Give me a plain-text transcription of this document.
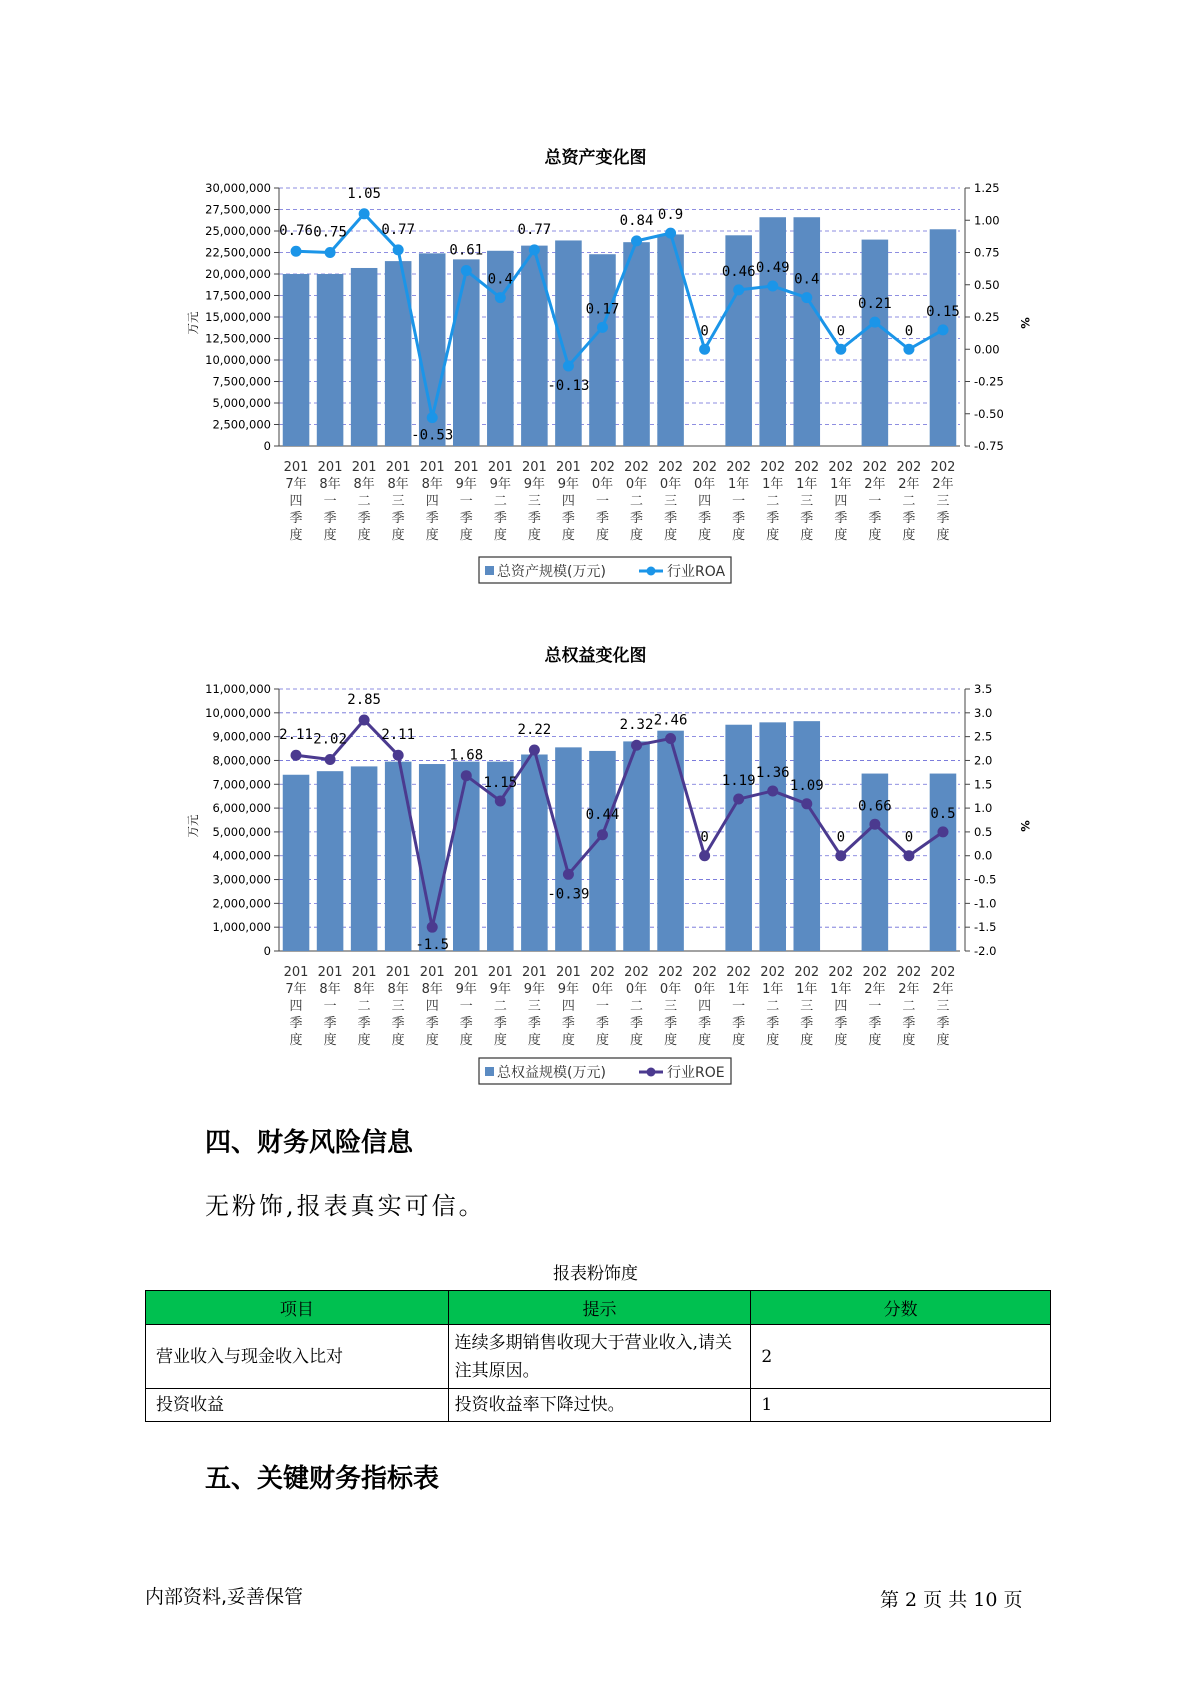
总资产变化图
30,000,000
27,500,000
25,000,000
22,500,000
20,000,000
17,500,000
15,000,000
12,500,000
10,000,000
7,500,000
5,000,000
2,500,000
0
1.25
1.00
0.75
0.50
0.25
0.00
-0.25
-0.50
-0.75
万元	%
201 7年四季度
201 8年一季度
201 8年二季度
201 8年三季度
201 8年四季度
201 9年一季度
201 9年二季度
201 9年三季度
201 9年四季度
202 0年一季度
202 0年二季度
202 0年三季度
202 0年四季度
202 1年一季度
202 1年二季度
202 1年三季度
202 1年四季度
202 2年一季度
202 2年二季度
202 2年三季度
0.76 0.75
1.05
0.77
-0.53
0.61
0.4
0.77
-0.13
0.17
0.84 0.9
0
0.46 0.49
0.4
0
0.21
0
0.15
总资产规模(万元)	行业ROA
总权益变化图
11,000,000
10,000,000
9,000,000
8,000,000
7,000,000
6,000,000
5,000,000
4,000,000
3,000,000
2,000,000
1,000,000
0
3.5
3.0
2.5
2.0
1.5
1.0
0.5
0.0
-0.5
-1.0
-1.5
-2.0
万元	%
201 7年四季度
201 8年一季度
201 8年二季度
201 8年三季度
201 8年四季度
201 9年一季度
201 9年二季度
201 9年三季度
201 9年四季度
202 0年一季度
202 0年二季度
202 0年三季度
202 0年四季度
202 1年一季度
202 1年二季度
202 1年三季度
202 1年四季度
202 2年一季度
202 2年二季度
202 2年三季度
2.11 2.02
2.85
2.11
-1.5
1.68
1.15
2.22
-0.39
0.44
2.32 2.46
0
1.19
1.36
1.09
0
0.66
0
0.5
总权益规模(万元)	行业ROE
四、财务风险信息
无粉饰,报表真实可信。
报表粉饰度
项目	提示	分数
营业收入与现金收入比对	连续多期销售收现大于营业收入,请关注其原因。	2
投资收益	投资收益率下降过快。	1
五、关键财务指标表
内部资料,妥善保管	第 2 页 共 10 页
